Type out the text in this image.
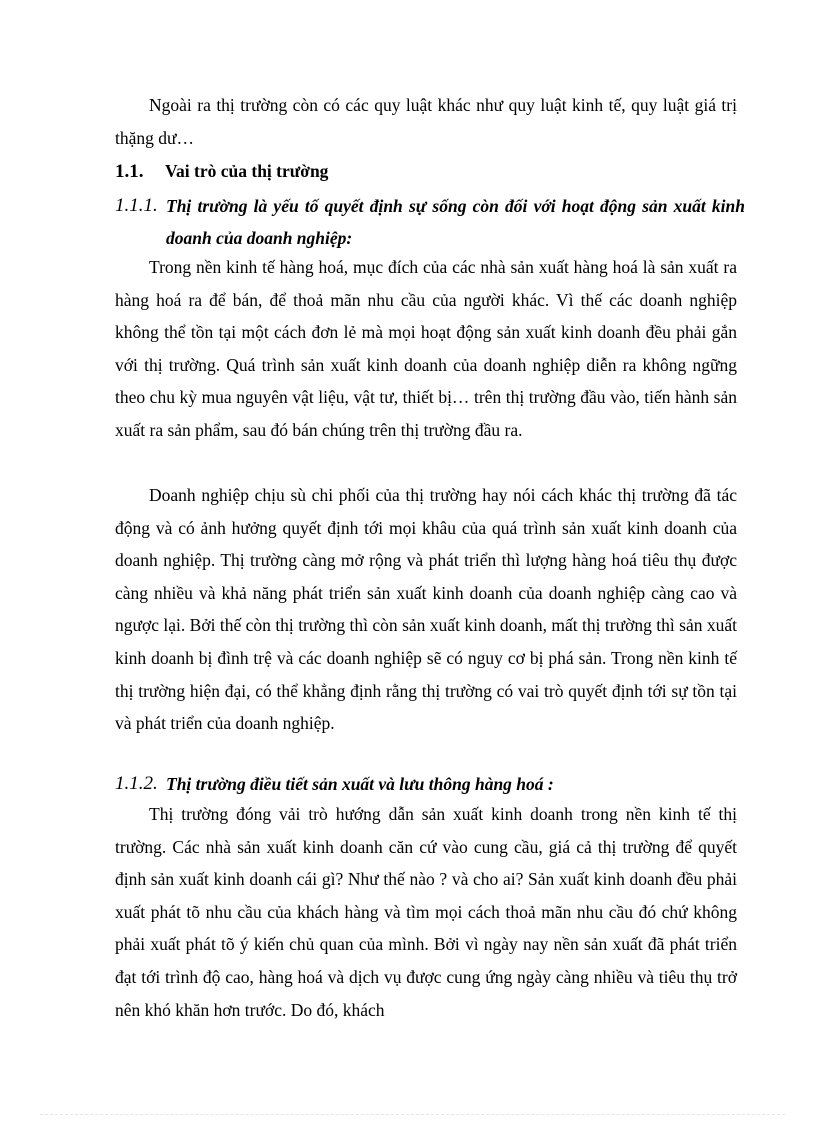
Ngoài ra thị trường còn có các quy luật khác như quy luật kinh tế, quy luật giá trị thặng dư…

1.1. Vai trò của thị trường
1.1.1. Thị trường là yếu tố quyết định sự sống còn đối với hoạt động sản xuất kinh doanh của doanh nghiệp:

Trong nền kinh tế hàng hoá, mục đích của các nhà sản xuất hàng hoá là sản xuất ra hàng hoá ra để bán, để thoả mãn nhu cầu của người khác. Vì thế các doanh nghiệp không thể tồn tại một cách đơn lẻ mà mọi hoạt động sản xuất kinh doanh đều phải gắn với thị trường. Quá trình sản xuất kinh doanh của doanh nghiệp diễn ra không ngững theo chu kỳ mua nguyên vật liệu, vật tư, thiết bị… trên thị trường đầu vào, tiến hành sản xuất ra sản phẩm, sau đó bán chúng trên thị trường đầu ra.

Doanh nghiệp chịu sù chi phối của thị trường hay nói cách khác thị trường đã tác động và có ảnh hưởng quyết định tới mọi khâu của quá trình sản xuất kinh doanh của doanh nghiệp. Thị trường càng mở rộng và phát triển thì lượng hàng hoá tiêu thụ được càng nhiều và khả năng phát triển sản xuất kinh doanh của doanh nghiệp càng cao và ngược lại. Bởi thế còn thị trường thì còn sản xuất kinh doanh, mất thị trường thì sản xuất kinh doanh bị đình trệ và các doanh nghiệp sẽ có nguy cơ bị phá sản. Trong nền kinh tế thị trường hiện đại, có thể khẳng định rằng thị trường có vai trò quyết định tới sự tồn tại và phát triển của doanh nghiệp.

1.1.2. Thị trường điều tiết sản xuất và lưu thông hàng hoá :

Thị trường đóng vải trò hướng dẫn sản xuất kinh doanh trong nền kinh tế thị trường. Các nhà sản xuất kinh doanh căn cứ vào cung cầu, giá cả thị trường để quyết định sản xuất kinh doanh cái gì? Như thế nào ? và cho ai? Sản xuất kinh doanh đều phải xuất phát tõ nhu cầu của khách hàng và tìm mọi cách thoả mãn nhu cầu đó chứ không phải xuất phát tõ ý kiến chủ quan của mình. Bởi vì ngày nay nền sản xuất đã phát triển đạt tới trình độ cao, hàng hoá và dịch vụ được cung ứng ngày càng nhiều và tiêu thụ trở nên khó khăn hơn trước. Do đó, khách
